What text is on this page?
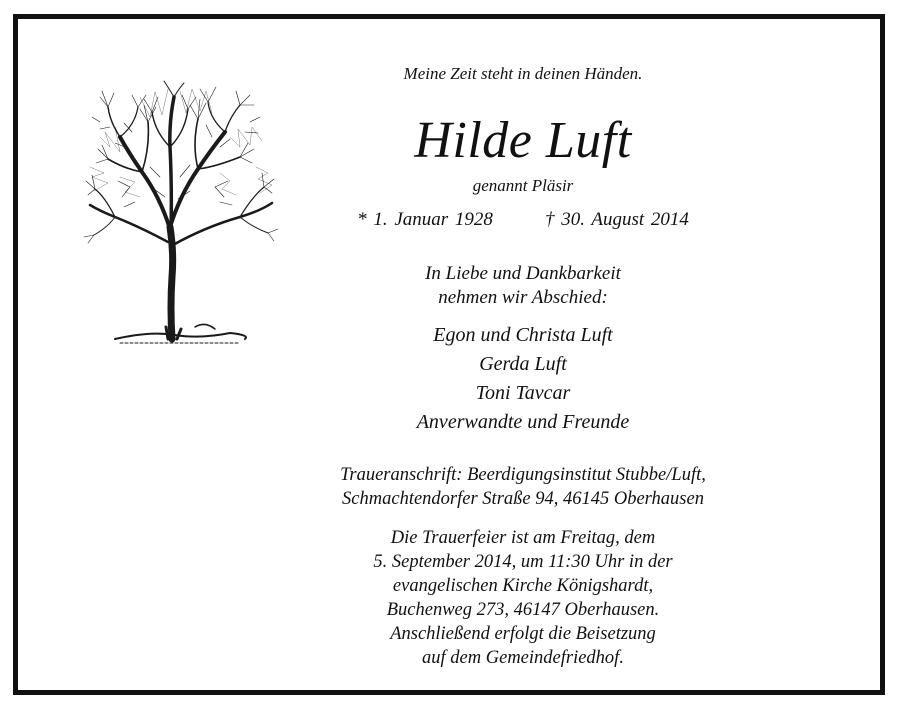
Meine Zeit steht in deinen Händen.
Hilde Luft
genannt Pläsir
* 1. Januar 1928	† 30. August 2014
In Liebe und Dankbarkeit
nehmen wir Abschied:
Egon und Christa Luft
Gerda Luft
Toni Tavcar
Anverwandte und Freunde
Traueranschrift: Beerdigungsinstitut Stubbe/Luft,
Schmachtendorfer Straße 94, 46145 Oberhausen
Die Trauerfeier ist am Freitag, dem
5. September 2014, um 11:30 Uhr in der
evangelischen Kirche Königshardt,
Buchenweg 273, 46147 Oberhausen.
Anschließend erfolgt die Beisetzung
auf dem Gemeindefriedhof.
